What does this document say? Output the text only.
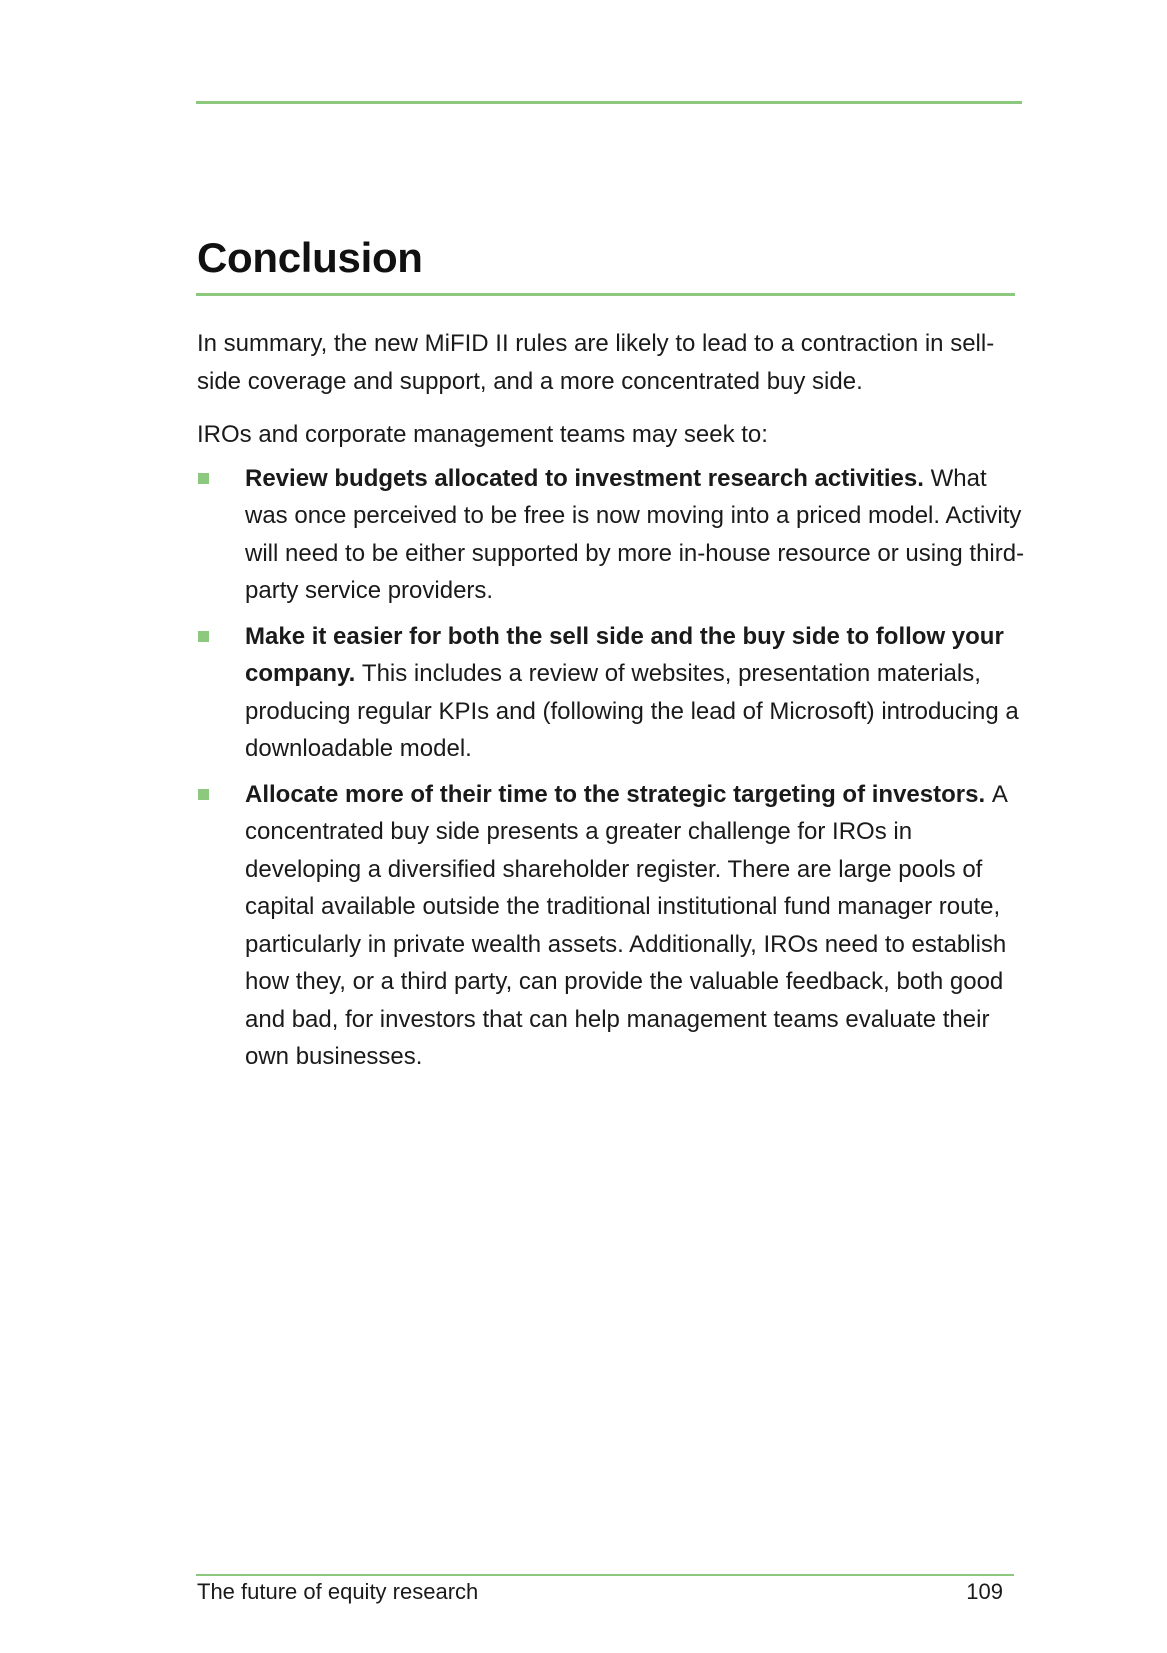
Conclusion

In summary, the new MiFID II rules are likely to lead to a contraction in sell-side coverage and support, and a more concentrated buy side.

IROs and corporate management teams may seek to:

Review budgets allocated to investment research activities. What was once perceived to be free is now moving into a priced model. Activity will need to be either supported by more in-house resource or using third-party service providers.
Make it easier for both the sell side and the buy side to follow your company. This includes a review of websites, presentation materials, producing regular KPIs and (following the lead of Microsoft) introducing a downloadable model.
Allocate more of their time to the strategic targeting of investors. A concentrated buy side presents a greater challenge for IROs in developing a diversified shareholder register. There are large pools of capital available outside the traditional institutional fund manager route, particularly in private wealth assets. Additionally, IROs need to establish how they, or a third party, can provide the valuable feedback, both good and bad, for investors that can help management teams evaluate their own businesses.
The future of equity research	109
